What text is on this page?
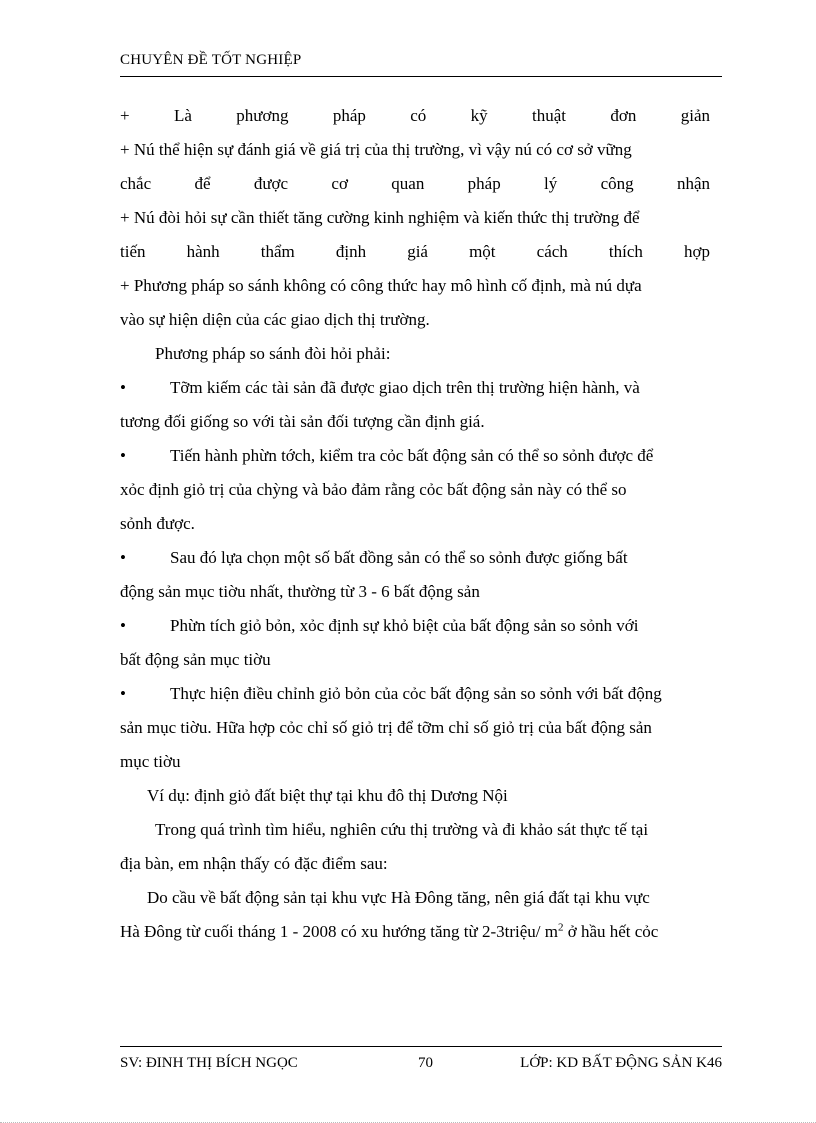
CHUYÊN ĐỀ TỐT NGHIỆP
+ Là phương pháp có kỹ thuật đơn giản
+ Nú thể hiện sự đánh giá về giá trị của thị trường, vì vậy nú có cơ sở vững
chắc để được cơ quan pháp lý công nhận
+ Nú đòi hỏi sự cần thiết tăng cường kinh nghiệm và kiến thức thị trường để
tiến hành thẩm định giá một cách thích hợp
+ Phương pháp so sánh không có công thức hay mô hình cố định, mà nú dựa
vào sự hiện diện của các giao dịch thị trường.
Phương pháp so sánh đòi hỏi phải:
•	Tỡm kiếm các tài sản đã được giao dịch trên thị trường hiện hành, và
tương đối giống so với tài sản đối tượng cần định giá.
•	Tiến hành phừn tớch, kiểm tra cỏc bất động sản có thể so sỏnh được để
xỏc định giỏ trị của chỳng và bảo đảm rằng cỏc bất động sản này có thể so
sỏnh được.
•	Sau đó lựa chọn một số bất đồng sản có thể so sỏnh được giống bất
động sản mục tiờu nhất, thường từ 3 - 6 bất động sản
•	Phừn tích giỏ bỏn, xỏc định sự khỏ biệt của bất động sản so sỏnh với
bất động sản mục tiờu
•	Thực hiện điều chỉnh giỏ bỏn của cỏc bất động sản so sỏnh với bất động
sản mục tiờu. Hữa hợp cỏc chỉ số giỏ trị để tỡm chỉ số giỏ trị của bất động sản
mục tiờu
Ví dụ: định giỏ đất biệt thự tại khu đô thị Dương Nội
Trong quá trình tìm hiểu, nghiên cứu thị trường và đi khảo sát thực tế tại
địa bàn, em nhận thấy có đặc điểm sau:
Do cầu về bất động sản tại khu vực Hà Đông tăng, nên giá đất tại khu vực
Hà Đông từ cuối tháng 1 - 2008 có xu hướng tăng từ 2-3triệu/ $m^2$ ở hầu hết cỏc
SV: ĐINH THỊ BÍCH NGỌC	70	LỚP: KD BẤT ĐỘNG SẢN K46
